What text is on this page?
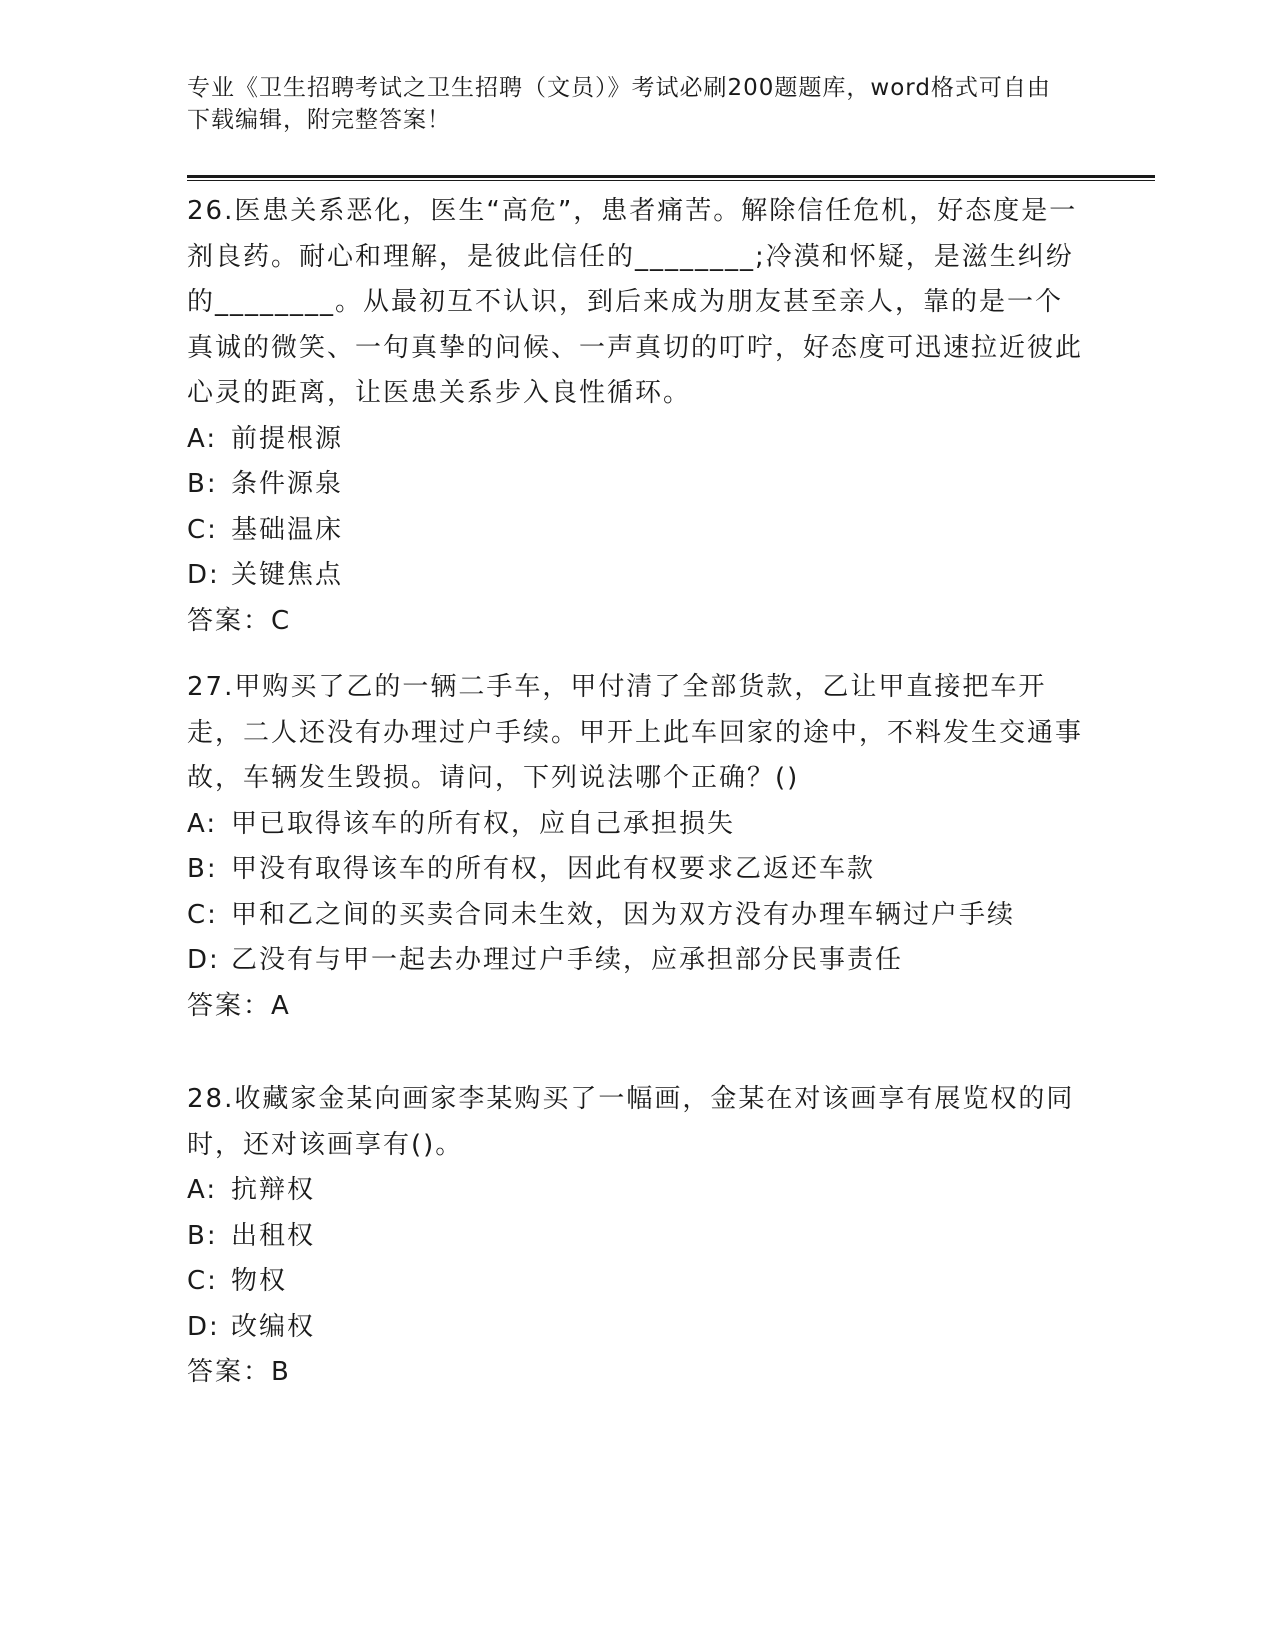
专业《卫生招聘考试之卫生招聘（文员）》考试必刷200题题库，word格式可自由下载编辑，附完整答案！

26.医患关系恶化，医生“高危”，患者痛苦。解除信任危机，好态度是一剂良药。耐心和理解，是彼此信任的________;冷漠和怀疑，是滋生纠纷的________。从最初互不认识，到后来成为朋友甚至亲人，靠的是一个真诚的微笑、一句真挚的问候、一声真切的叮咛，好态度可迅速拉近彼此心灵的距离，让医患关系步入良性循环。

A: 前提根源

B: 条件源泉

C: 基础温床

D: 关键焦点

答案：C

27.甲购买了乙的一辆二手车，甲付清了全部货款，乙让甲直接把车开走，二人还没有办理过户手续。甲开上此车回家的途中，不料发生交通事故，车辆发生毁损。请问，下列说法哪个正确？()

A: 甲已取得该车的所有权，应自己承担损失

B: 甲没有取得该车的所有权，因此有权要求乙返还车款

C: 甲和乙之间的买卖合同未生效，因为双方没有办理车辆过户手续

D: 乙没有与甲一起去办理过户手续，应承担部分民事责任

答案：A

28.收藏家金某向画家李某购买了一幅画，金某在对该画享有展览权的同时，还对该画享有()。

A: 抗辩权

B: 出租权

C: 物权

D: 改编权

答案：B
